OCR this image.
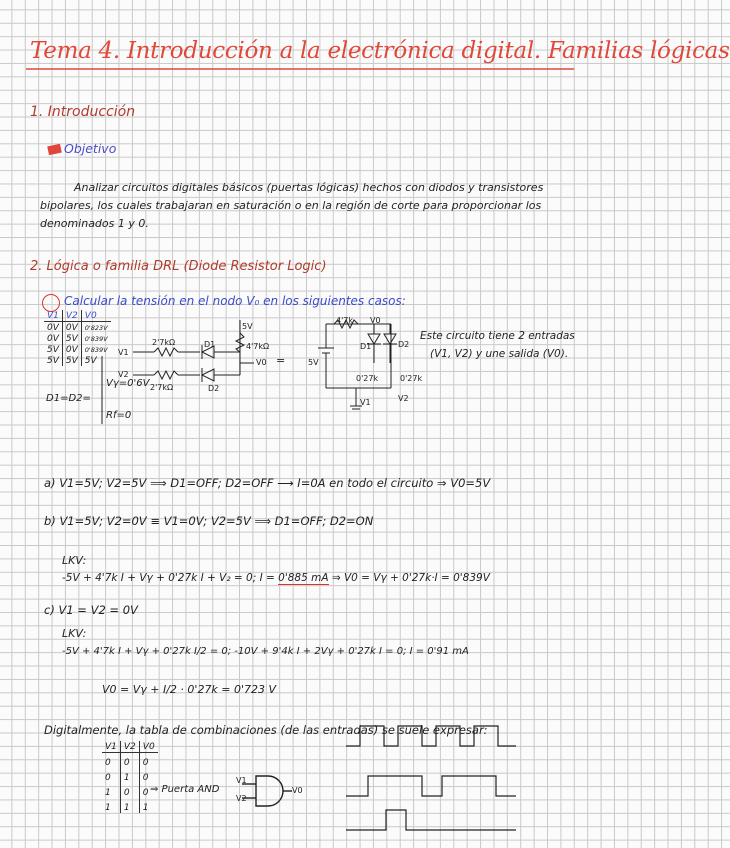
Tema 4. Introducción a la electrónica digital. Familias lógicas
1. Introducción
Objetivo
Analizar circuitos digitales básicos (puertas lógicas) hechos con diodos y transistores
bipolares, los cuales trabajaran en saturación o en la región de corte para proporcionar los
denominados 1 y 0.
2. Lógica o familia DRL (Diode Resistor Logic)
Calcular la tensión en el nodo V₀ en los siguientes casos:
V1	V2	V0
0V	0V	0'823V
0V	5V	0'839V
5V	0V	0'839V
5V	5V	5V
Vγ=0'6V
D1=D2=
Rf=0
2'7kΩ
2'7kΩ
5V
4'7kΩ
V1
V2
V0
D1
D2
=
4'7k V0
5V
0'27k	0'27k
D1	D2
V1	V2
Este circuito tiene 2 entradas
(V1, V2) y une salida (V0).
a) V1=5V; V2=5V ⟹ D1=OFF; D2=OFF ⟶ I=0A en todo el circuito ⇒ V0=5V
b) V1=5V; V2=0V ≡ V1=0V; V2=5V ⟹ D1=OFF; D2=ON
LKV:
-5V + 4'7k I + Vγ + 0'27k I + V₂ = 0; I = 0'885 mA ⇒ V0 = Vγ + 0'27k·I = 0'839V
c) V1 = V2 = 0V
LKV:
-5V + 4'7k I + Vγ + 0'27k I/2 = 0; -10V + 9'4k I + 2Vγ + 0'27k I = 0; I = 0'91 mA
V0 = Vγ + I/2 · 0'27k = 0'723 V
Digitalmente, la tabla de combinaciones (de las entradas) se suele expresar:
V1	V2	V0
0	0	0
0	1	0
1	0	0
1	1	1
⇒ Puerta AND
V1
V2
V0
